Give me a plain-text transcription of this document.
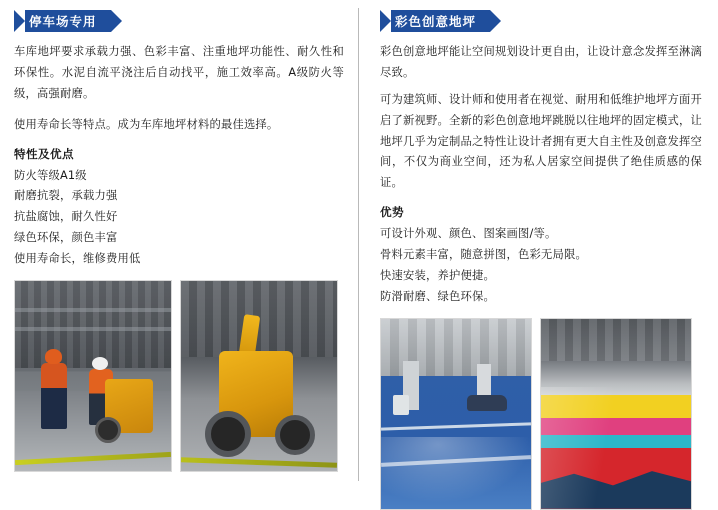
停车场专用

车库地坪要求承载力强、色彩丰富、注重地坪功能性、耐久性和环保性。水泥自流平浇注后自动找平，施工效率高。A级防火等级，高强耐磨。

使用寿命长等特点。成为车库地坪材料的最佳选择。

特性及优点
防火等级A1级
耐磨抗裂，承载力强
抗盐腐蚀，耐久性好
绿色环保，颜色丰富
使用寿命长，维修费用低
彩色创意地坪

彩色创意地坪能让空间规划设计更自由，让设计意念发挥至淋漓尽致。

可为建筑师、设计师和使用者在视觉、耐用和低维护地坪方面开启了新视野。全新的彩色创意地坪跳脱以往地坪的固定模式，让地坪几乎为定制品之特性让设计者拥有更大自主性及创意发挥空间，不仅为商业空间，还为私人居家空间提供了绝佳质感的保证。

优势
可设计外观、颜色、图案画图/等。
骨料元素丰富，随意拼图，色彩无局限。
快速安装，养护便捷。
防滑耐磨、绿色环保。
